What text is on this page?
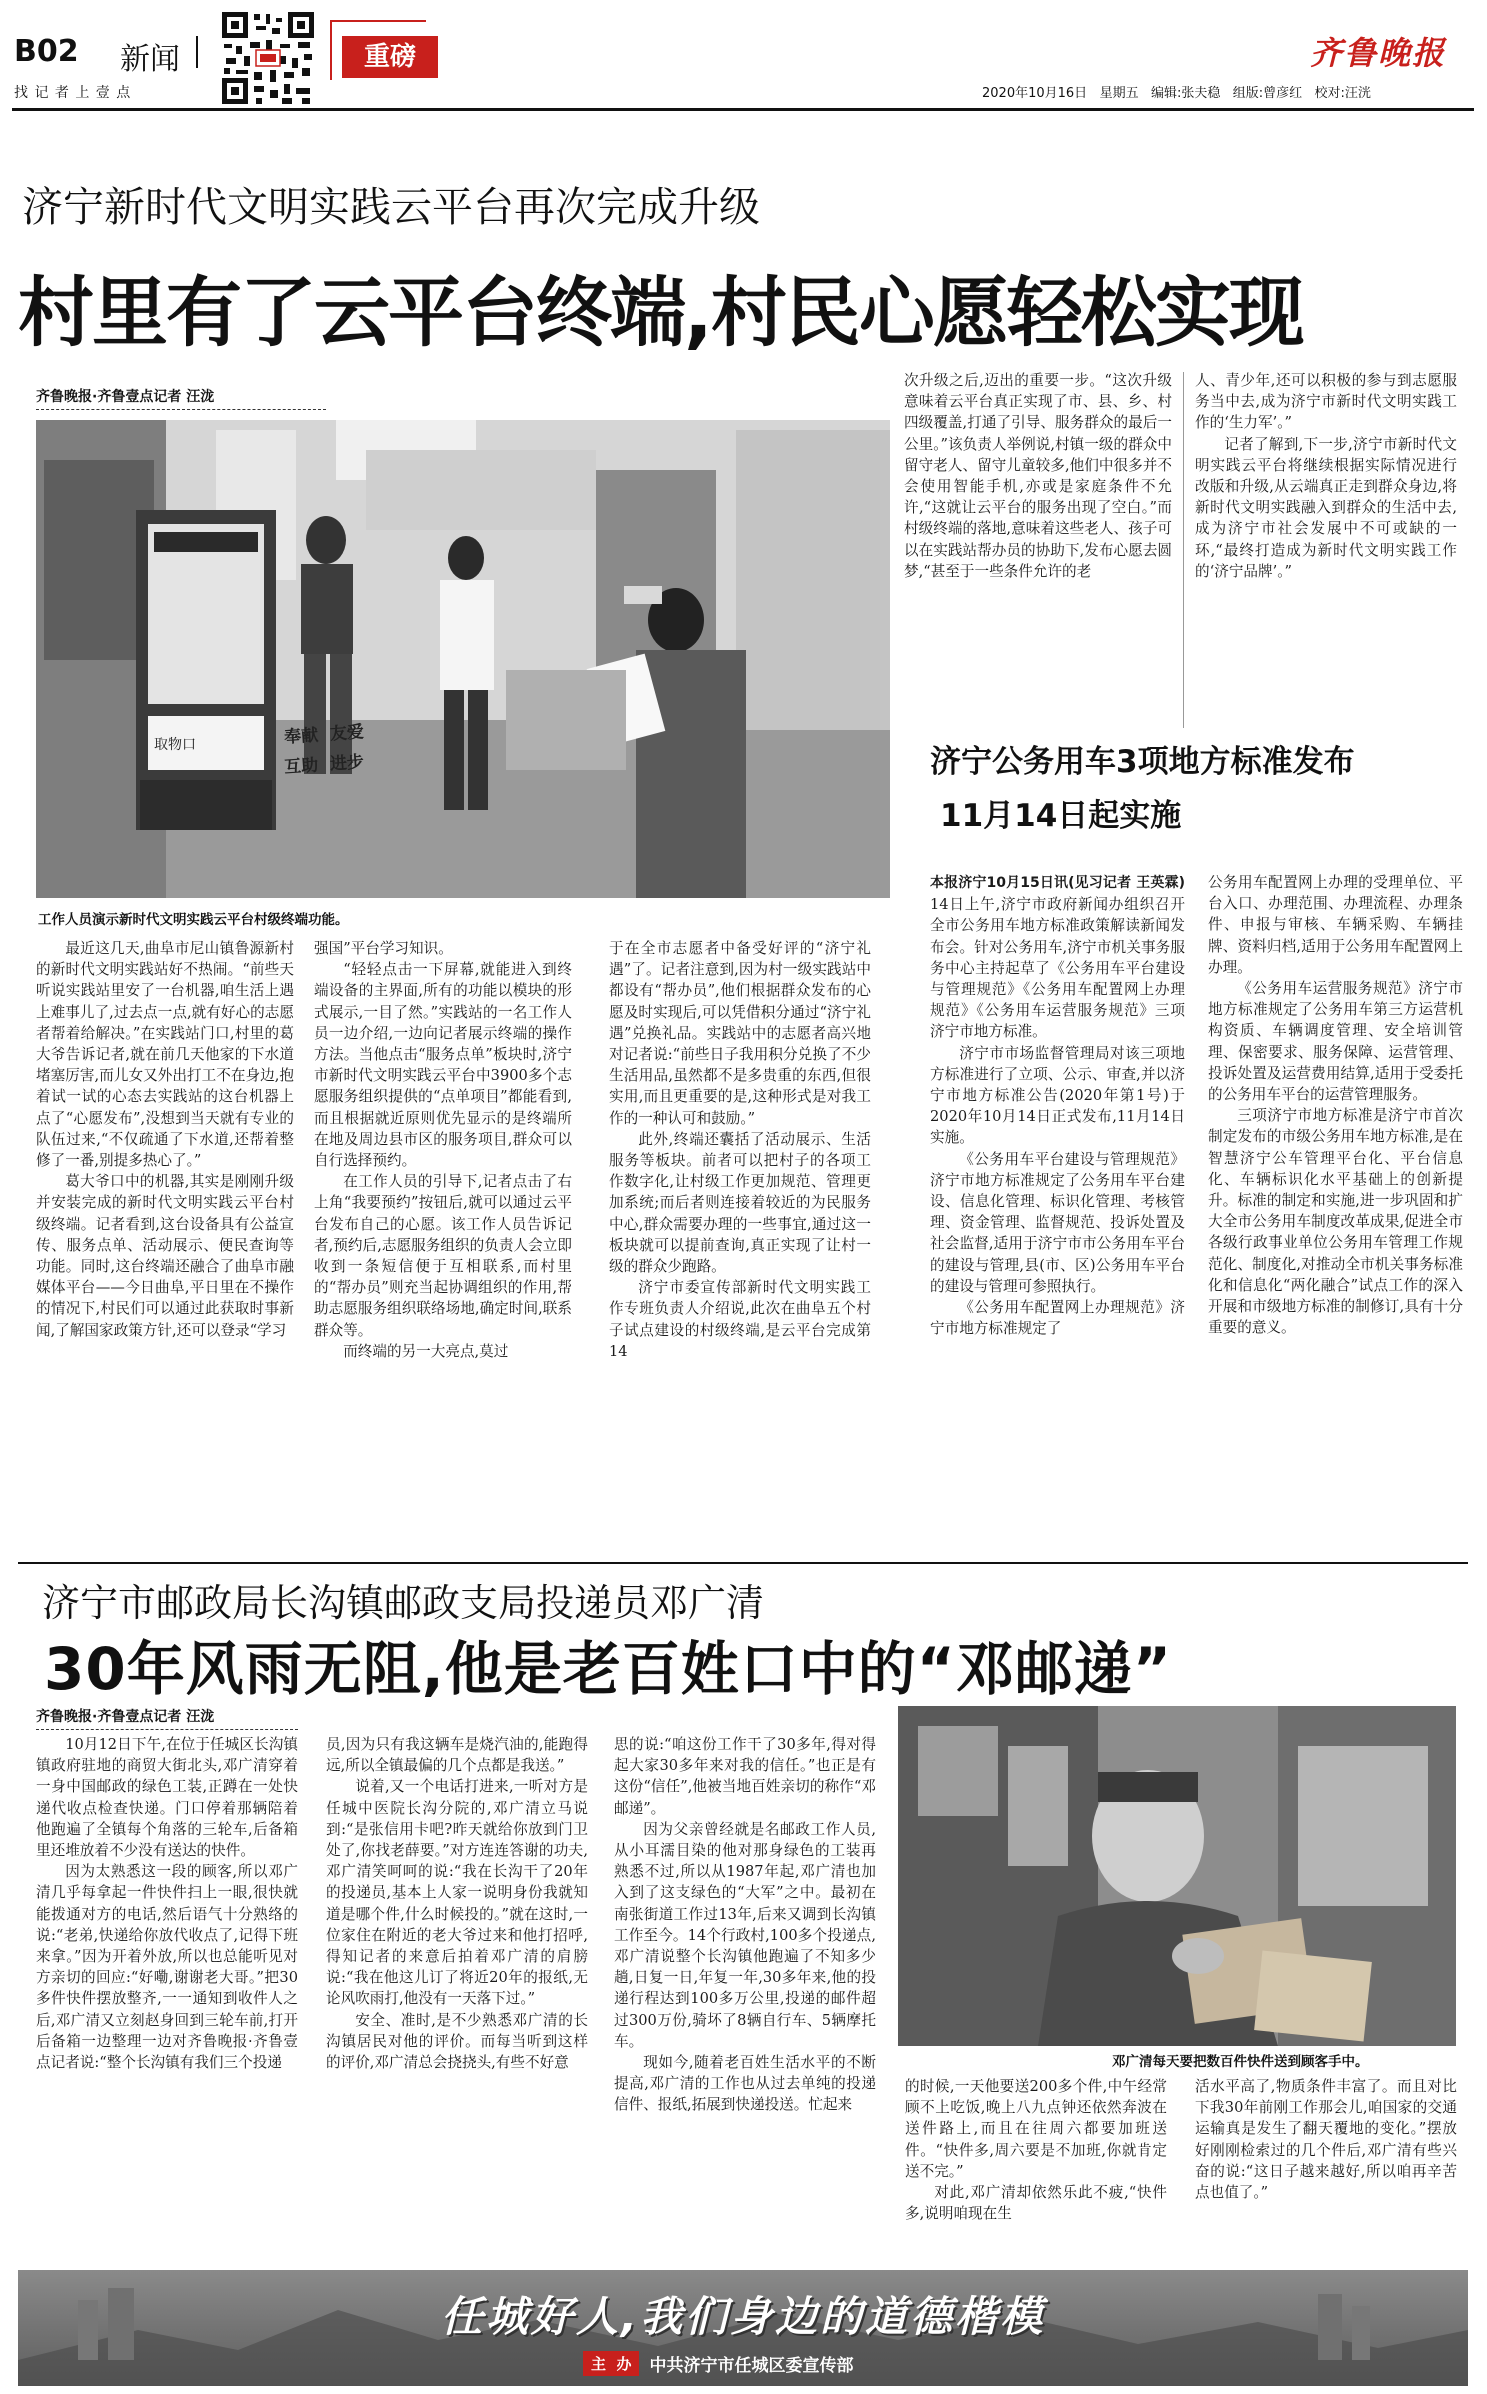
B02 新闻
找 记 者 上 壹 点
重磅	齐鲁晚报
2020年10月16日   星期五   编辑:张夫稳   组版:曾彦红   校对:汪洸
济宁新时代文明实践云平台再次完成升级
村里有了云平台终端,村民心愿轻松实现
齐鲁晚报·齐鲁壹点记者 汪泷
奉献  友爱
互助  进步
取物口
工作人员演示新时代文明实践云平台村级终端功能。
次升级之后,迈出的重要一步。“这次升级意味着云平台真正实现了市、县、乡、村四级覆盖,打通了引导、服务群众的最后一公里。”该负责人举例说,村镇一级的群众中留守老人、留守儿童较多,他们中很多并不会使用智能手机,亦或是家庭条件不允许,“这就让云平台的服务出现了空白。”而村级终端的落地,意味着这些老人、孩子可以在实践站帮办员的协助下,发布心愿去圆梦,“甚至于一些条件允许的老
人、青少年,还可以积极的参与到志愿服务当中去,成为济宁市新时代文明实践工作的‘生力军’。”

记者了解到,下一步,济宁市新时代文明实践云平台将继续根据实际情况进行改版和升级,从云端真正走到群众身边,将新时代文明实践融入到群众的生活中去,成为济宁市社会发展中不可或缺的一环,“最终打造成为新时代文明实践工作的‘济宁品牌’。”

最近这几天,曲阜市尼山镇鲁源新村的新时代文明实践站好不热闹。“前些天听说实践站里安了一台机器,咱生活上遇上难事儿了,过去点一点,就有好心的志愿者帮着给解决。”在实践站门口,村里的葛大爷告诉记者,就在前几天他家的下水道堵塞厉害,而儿女又外出打工不在身边,抱着试一试的心态去实践站的这台机器上点了“心愿发布”,没想到当天就有专业的队伍过来,“不仅疏通了下水道,还帮着整修了一番,别提多热心了。”

葛大爷口中的机器,其实是刚刚升级并安装完成的新时代文明实践云平台村级终端。记者看到,这台设备具有公益宣传、服务点单、活动展示、便民查询等功能。同时,这台终端还融合了曲阜市融媒体平台——今日曲阜,平日里在不操作的情况下,村民们可以通过此获取时事新闻,了解国家政策方针,还可以登录“学习

强国”平台学习知识。

“轻轻点击一下屏幕,就能进入到终端设备的主界面,所有的功能以模块的形式展示,一目了然。”实践站的一名工作人员一边介绍,一边向记者展示终端的操作方法。当他点击“服务点单”板块时,济宁市新时代文明实践云平台中3900多个志愿服务组织提供的“点单项目”都能看到,而且根据就近原则优先显示的是终端所在地及周边县市区的服务项目,群众可以自行选择预约。

在工作人员的引导下,记者点击了右上角“我要预约”按钮后,就可以通过云平台发布自己的心愿。该工作人员告诉记者,预约后,志愿服务组织的负责人会立即收到一条短信便于互相联系,而村里的“帮办员”则充当起协调组织的作用,帮助志愿服务组织联络场地,确定时间,联系群众等。

而终端的另一大亮点,莫过

于在全市志愿者中备受好评的“济宁礼遇”了。记者注意到,因为村一级实践站中都设有“帮办员”,他们根据群众发布的心愿及时实现后,可以凭借积分通过“济宁礼遇”兑换礼品。实践站中的志愿者高兴地对记者说:“前些日子我用积分兑换了不少生活用品,虽然都不是多贵重的东西,但很实用,而且更重要的是,这种形式是对我工作的一种认可和鼓励。”

此外,终端还囊括了活动展示、生活服务等板块。前者可以把村子的各项工作数字化,让村级工作更加规范、管理更加系统;而后者则连接着较近的为民服务中心,群众需要办理的一些事宜,通过这一板块就可以提前查询,真正实现了让村一级的群众少跑路。

济宁市委宣传部新时代文明实践工作专班负责人介绍说,此次在曲阜五个村子试点建设的村级终端,是云平台完成第14

济宁公务用车3项地方标准发布
11月14日起实施
本报济宁10月15日讯(见习记者 王英霖) 14日上午,济宁市政府新闻办组织召开全市公务用车地方标准政策解读新闻发布会。针对公务用车,济宁市机关事务服务中心主持起草了《公务用车平台建设与管理规范》《公务用车配置网上办理规范》《公务用车运营服务规范》三项济宁市地方标准。

济宁市市场监督管理局对该三项地方标准进行了立项、公示、审查,并以济宁市地方标准公告(2020年第1号)于2020年10月14日正式发布,11月14日实施。

《公务用车平台建设与管理规范》济宁市地方标准规定了公务用车平台建设、信息化管理、标识化管理、考核管理、资金管理、监督规范、投诉处置及社会监督,适用于济宁市市公务用车平台的建设与管理,县(市、区)公务用车平台的建设与管理可参照执行。

《公务用车配置网上办理规范》济宁市地方标准规定了

公务用车配置网上办理的受理单位、平台入口、办理范围、办理流程、办理条件、申报与审核、车辆采购、车辆挂牌、资料归档,适用于公务用车配置网上办理。

《公务用车运营服务规范》济宁市地方标准规定了公务用车第三方运营机构资质、车辆调度管理、安全培训管理、保密要求、服务保障、运营管理、投诉处置及运营费用结算,适用于受委托的公务用车平台的运营管理服务。

三项济宁市地方标准是济宁市首次制定发布的市级公务用车地方标准,是在智慧济宁公车管理平台化、平台信息化、车辆标识化水平基础上的创新提升。标准的制定和实施,进一步巩固和扩大全市公务用车制度改革成果,促进全市各级行政事业单位公务用车管理工作规范化、制度化,对推动全市机关事务标准化和信息化“两化融合”试点工作的深入开展和市级地方标准的制修订,具有十分重要的意义。

济宁市邮政局长沟镇邮政支局投递员邓广清
30年风雨无阻,他是老百姓口中的“邓邮递”
齐鲁晚报·齐鲁壹点记者 汪泷

10月12日下午,在位于任城区长沟镇镇政府驻地的商贸大街北头,邓广清穿着一身中国邮政的绿色工装,正蹲在一处快递代收点检查快递。门口停着那辆陪着他跑遍了全镇每个角落的三轮车,后备箱里还堆放着不少没有送达的快件。

因为太熟悉这一段的顾客,所以邓广清几乎每拿起一件快件扫上一眼,很快就能拨通对方的电话,然后语气十分熟络的说:“老弟,快递给你放代收点了,记得下班来拿。”因为开着外放,所以也总能听见对方亲切的回应:“好嘞,谢谢老大哥。”把30多件快件摆放整齐,一一通知到收件人之后,邓广清又立刻赵身回到三轮车前,打开后备箱一边整理一边对齐鲁晚报·齐鲁壹点记者说:“整个长沟镇有我们三个投递

员,因为只有我这辆车是烧汽油的,能跑得远,所以全镇最偏的几个点都是我送。”

说着,又一个电话打进来,一听对方是任城中医院长沟分院的,邓广清立马说到:“是张信用卡吧?昨天就给你放到门卫处了,你找老薛要。”对方连连答谢的功夫,邓广清笑呵呵的说:“我在长沟干了20年的投递员,基本上人家一说明身份我就知道是哪个件,什么时候投的。”就在这时,一位家住在附近的老大爷过来和他打招呼,得知记者的来意后拍着邓广清的肩膀说:“我在他这儿订了将近20年的报纸,无论风吹雨打,他没有一天落下过。”

安全、准时,是不少熟悉邓广清的长沟镇居民对他的评价。而每当听到这样的评价,邓广清总会挠挠头,有些不好意

思的说:“咱这份工作干了30多年,得对得起大家30多年来对我的信任。”也正是有这份“信任”,他被当地百姓亲切的称作“邓邮递”。

因为父亲曾经就是名邮政工作人员,从小耳濡目染的他对那身绿色的工装再熟悉不过,所以从1987年起,邓广清也加入到了这支绿色的“大军”之中。最初在南张街道工作过13年,后来又调到长沟镇工作至今。14个行政村,100多个投递点,邓广清说整个长沟镇他跑遍了不知多少趟,日复一日,年复一年,30多年来,他的投递行程达到100多万公里,投递的邮件超过300万份,骑坏了8辆自行车、5辆摩托车。

现如今,随着老百姓生活水平的不断提高,邓广清的工作也从过去单纯的投递信件、报纸,拓展到快递投送。忙起来

邓广清每天要把数百件快件送到顾客手中。
的时候,一天他要送200多个件,中午经常顾不上吃饭,晚上八九点钟还依然奔波在送件路上,而且在往周六都要加班送件。“快件多,周六要是不加班,你就肯定送不完。”

对此,邓广清却依然乐此不疲,“快件多,说明咱现在生

活水平高了,物质条件丰富了。而且对比下我30年前刚工作那会儿,咱国家的交通运输真是发生了翻天覆地的变化。”摆放好刚刚检索过的几个件后,邓广清有些兴奋的说:“这日子越来越好,所以咱再辛苦点也值了。”
任城好人,我们身边的道德楷模
主  办	中共济宁市任城区委宣传部
